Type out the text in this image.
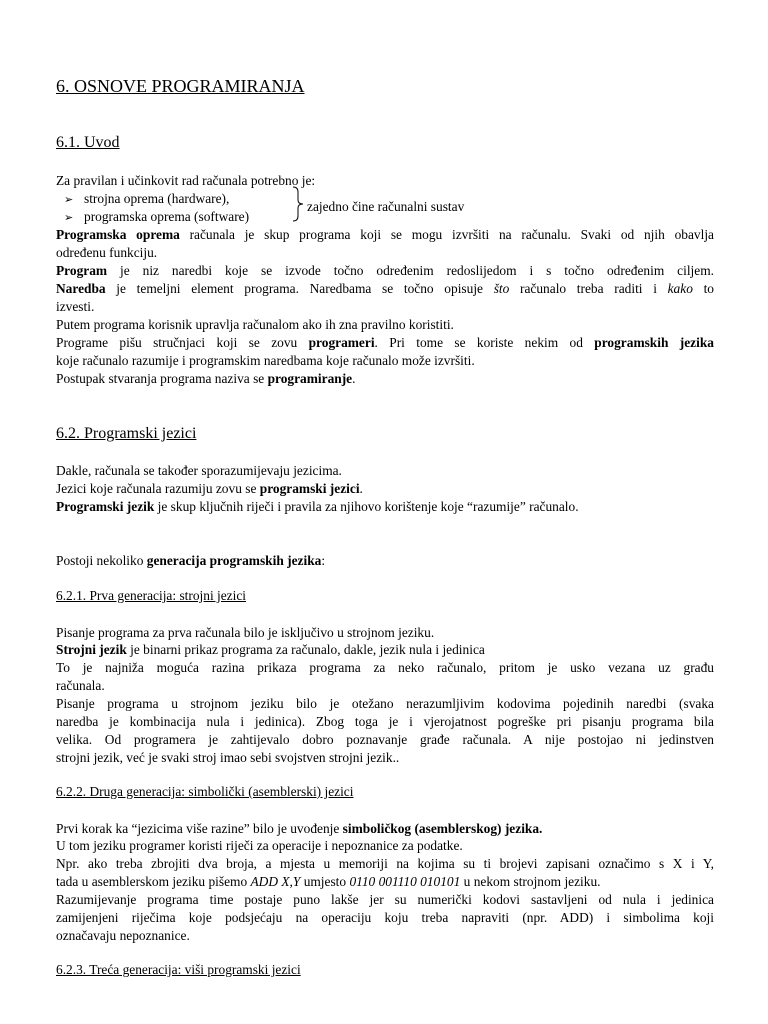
6. OSNOVE PROGRAMIRANJA
6.1. Uvod
Za pravilan i učinkovit rad računala potrebno je:
➢ strojna oprema (hardware),
➢ programska oprema (software)
zajedno čine računalni sustav
Programska oprema računala je skup programa koji se mogu izvršiti na računalu. Svaki od njih obavlja
određenu funkciju.
Program je niz naredbi koje se izvode točno određenim redoslijedom i s točno određenim ciljem.
Naredba je temeljni element programa. Naredbama se točno opisuje što računalo treba raditi i kako to
izvesti.
Putem programa korisnik upravlja računalom ako ih zna pravilno koristiti.
Programe pišu stručnjaci koji se zovu programeri. Pri tome se koriste nekim od programskih jezika
koje računalo razumije i programskim naredbama koje računalo može izvršiti.
Postupak stvaranja programa naziva se programiranje.
6.2. Programski jezici
Dakle, računala se također sporazumijevaju jezicima.
Jezici koje računala razumiju zovu se programski jezici.
Programski jezik je skup ključnih riječi i pravila za njihovo korištenje koje “razumije” računalo.
Postoji nekoliko generacija programskih jezika:
6.2.1. Prva generacija: strojni jezici
Pisanje programa za prva računala bilo je isključivo u strojnom jeziku.
Strojni jezik je binarni prikaz programa za računalo, dakle, jezik nula i jedinica
To je najniža moguća razina prikaza programa za neko računalo, pritom je usko vezana uz građu
računala.
Pisanje programa u strojnom jeziku bilo je otežano nerazumljivim kodovima pojedinih naredbi (svaka
naredba je kombinacija nula i jedinica). Zbog toga je i vjerojatnost pogreške pri pisanju programa bila
velika. Od programera je zahtijevalo dobro poznavanje građe računala. A nije postojao ni jedinstven
strojni jezik, već je svaki stroj imao sebi svojstven strojni jezik..
6.2.2. Druga generacija: simbolički (asemblerski) jezici
Prvi korak ka “jezicima više razine” bilo je uvođenje simboličkog (asemblerskog) jezika.
U tom jeziku programer koristi riječi za operacije i nepoznanice za podatke.
Npr. ako treba zbrojiti dva broja, a mjesta u memoriji na kojima su ti brojevi zapisani označimo s X i Y,
tada u asemblerskom jeziku pišemo ADD X,Y umjesto 0110 001110 010101 u nekom strojnom jeziku.
Razumijevanje programa time postaje puno lakše jer su numerički kodovi sastavljeni od nula i jedinica
zamijenjeni riječima koje podsjećaju na operaciju koju treba napraviti (npr. ADD) i simbolima koji
označavaju nepoznanice.
6.2.3. Treća generacija: viši programski jezici
